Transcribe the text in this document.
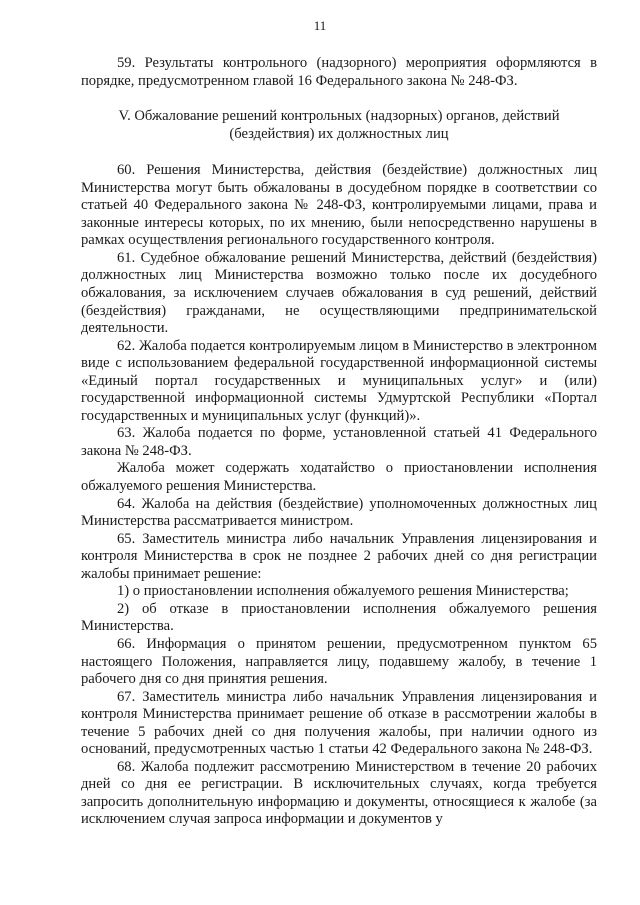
11

59. Результаты контрольного (надзорного) мероприятия оформляются в порядке, предусмотренном главой 16 Федерального закона № 248-ФЗ.

V. Обжалование решений контрольных (надзорных) органов, действий (бездействия) их должностных лиц

60. Решения Министерства, действия (бездействие) должностных лиц Министерства могут быть обжалованы в досудебном порядке в соответствии со статьей 40 Федерального закона № 248-ФЗ, контролируемыми лицами, права и законные интересы которых, по их мнению, были непосредственно нарушены в рамках осуществления регионального государственного контроля.

61. Судебное обжалование решений Министерства, действий (бездействия) должностных лиц Министерства возможно только после их досудебного обжалования, за исключением случаев обжалования в суд решений, действий (бездействия) гражданами, не осуществляющими предпринимательской деятельности.

62. Жалоба подается контролируемым лицом в Министерство в электронном виде с использованием федеральной государственной информационной системы «Единый портал государственных и муниципальных услуг» и (или) государственной информационной системы Удмуртской Республики «Портал государственных и муниципальных услуг (функций)».

63. Жалоба подается по форме, установленной статьей 41 Федерального закона № 248-ФЗ.

Жалоба может содержать ходатайство о приостановлении исполнения обжалуемого решения Министерства.

64. Жалоба на действия (бездействие) уполномоченных должностных лиц Министерства рассматривается министром.

65. Заместитель министра либо начальник Управления лицензирования и контроля Министерства в срок не позднее 2 рабочих дней со дня регистрации жалобы принимает решение:

1) о приостановлении исполнения обжалуемого решения Министерства;

2) об отказе в приостановлении исполнения обжалуемого решения Министерства.

66. Информация о принятом решении, предусмотренном пунктом 65 настоящего Положения, направляется лицу, подавшему жалобу, в течение 1 рабочего дня со дня принятия решения.

67. Заместитель министра либо начальник Управления лицензирования и контроля Министерства принимает решение об отказе в рассмотрении жалобы в течение 5 рабочих дней со дня получения жалобы, при наличии одного из оснований, предусмотренных частью 1 статьи 42 Федерального закона № 248-ФЗ.

68. Жалоба подлежит рассмотрению Министерством в течение 20 рабочих дней со дня ее регистрации. В исключительных случаях, когда требуется запросить дополнительную информацию и документы, относящиеся к жалобе (за исключением случая запроса информации и документов у
